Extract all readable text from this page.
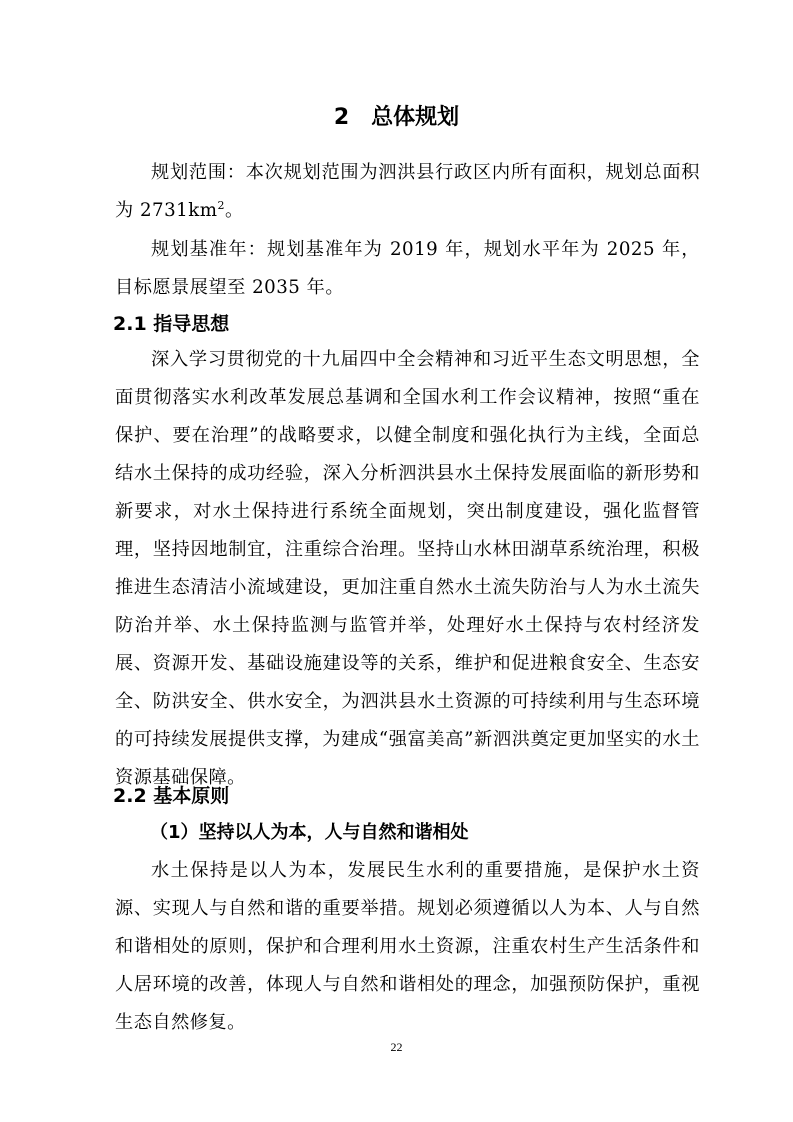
2　总体规划

规划范围：本次规划范围为泗洪县行政区内所有面积，规划总面积为 $2731km^2$。

规划基准年：规划基准年为 2019 年，规划水平年为 2025 年，目标愿景展望至 2035 年。

2.1 指导思想

深入学习贯彻党的十九届四中全会精神和习近平生态文明思想，全面贯彻落实水利改革发展总基调和全国水利工作会议精神，按照“重在保护、要在治理”的战略要求，以健全制度和强化执行为主线，全面总结水土保持的成功经验，深入分析泗洪县水土保持发展面临的新形势和新要求，对水土保持进行系统全面规划，突出制度建设，强化监督管理，坚持因地制宜，注重综合治理。坚持山水林田湖草系统治理，积极推进生态清洁小流域建设，更加注重自然水土流失防治与人为水土流失防治并举、水土保持监测与监管并举，处理好水土保持与农村经济发展、资源开发、基础设施建设等的关系，维护和促进粮食安全、生态安全、防洪安全、供水安全，为泗洪县水土资源的可持续利用与生态环境的可持续发展提供支撑，为建成“强富美高”新泗洪奠定更加坚实的水土资源基础保障。

2.2 基本原则
（1）坚持以人为本，人与自然和谐相处

水土保持是以人为本，发展民生水利的重要措施，是保护水土资源、实现人与自然和谐的重要举措。规划必须遵循以人为本、人与自然和谐相处的原则，保护和合理利用水土资源，注重农村生产生活条件和人居环境的改善，体现人与自然和谐相处的理念，加强预防保护，重视生态自然修复。

22
